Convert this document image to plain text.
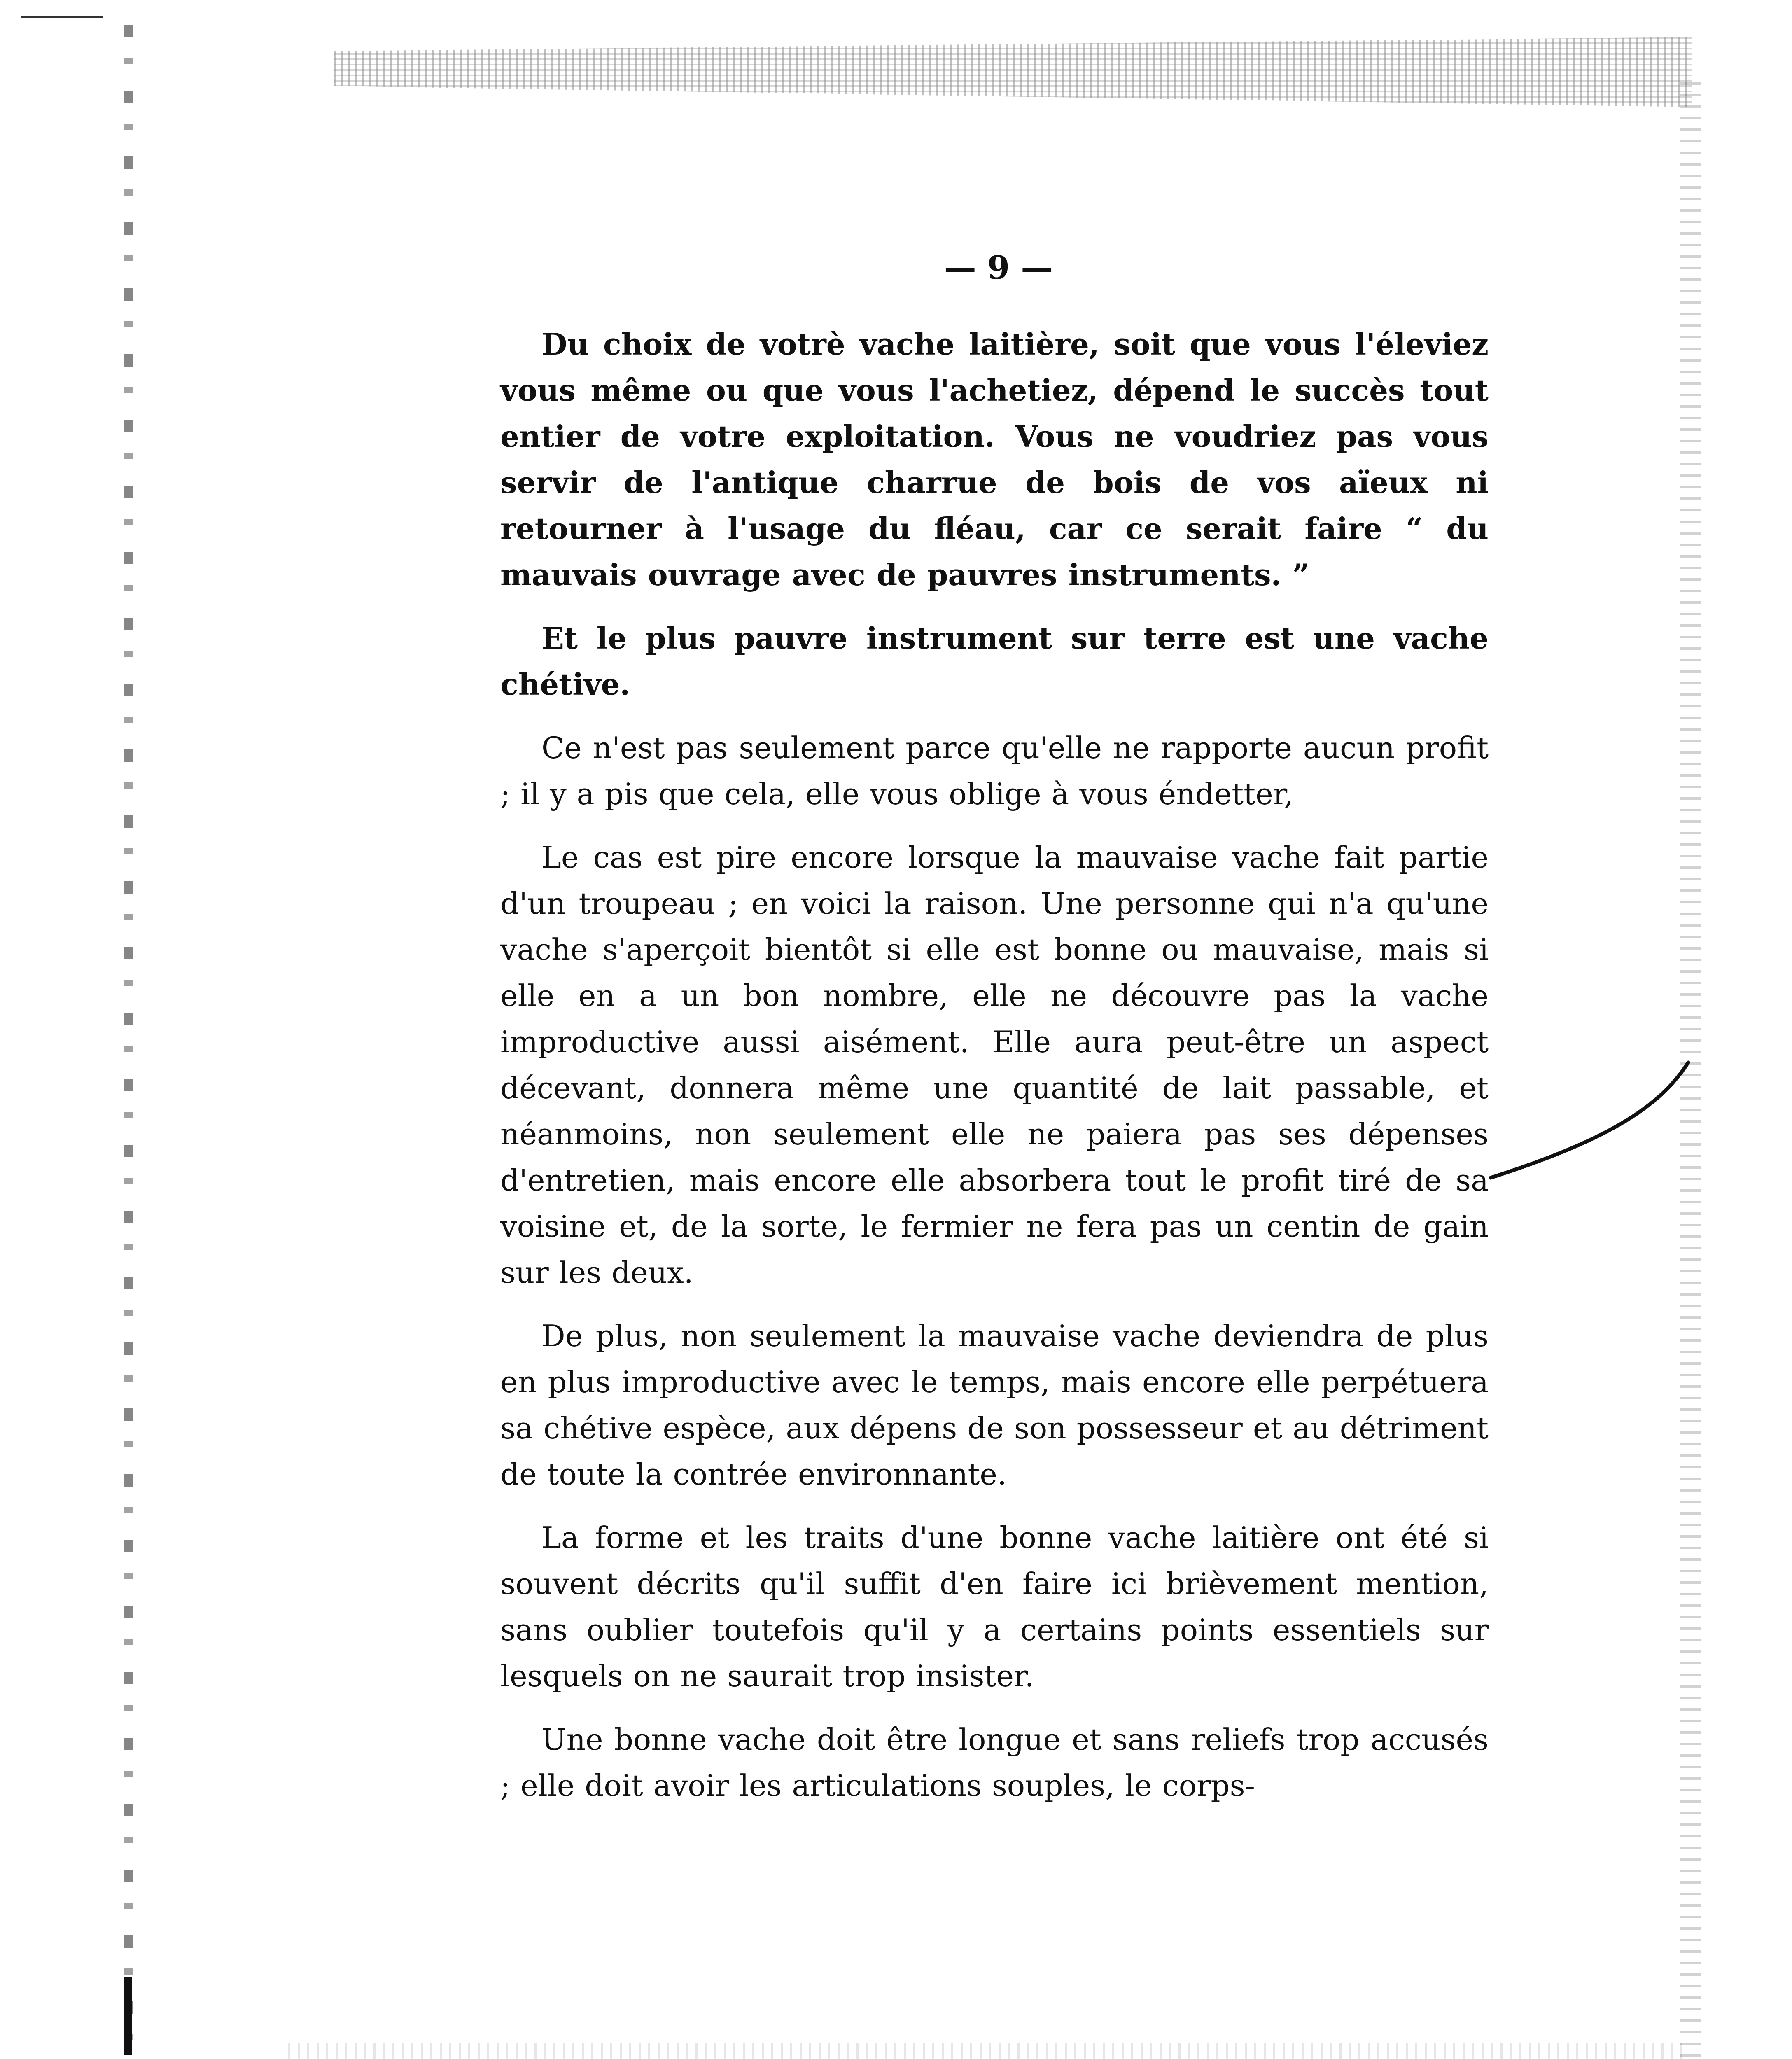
— 9 —

Du choix de votrè vache laitière, soit que vous l'éleviez vous même ou que vous l'achetiez, dépend le succès tout entier de votre exploitation. Vous ne voudriez pas vous servir de l'antique charrue de bois de vos aïeux ni retourner à l'usage du fléau, car ce serait faire “ du mauvais ouvrage avec de pauvres instruments. ”

Et le plus pauvre instrument sur terre est une vache chétive.

Ce n'est pas seulement parce qu'elle ne rapporte aucun profit ; il y a pis que cela, elle vous oblige à vous éndetter,

Le cas est pire encore lorsque la mauvaise vache fait partie d'un troupeau ; en voici la raison. Une personne qui n'a qu'une vache s'aperçoit bientôt si elle est bonne ou mauvaise, mais si elle en a un bon nombre, elle ne découvre pas la vache improductive aussi aisément. Elle aura peut-être un aspect décevant, donnera même une quantité de lait passable, et néanmoins, non seulement elle ne paiera pas ses dépenses d'entretien, mais encore elle absorbera tout le profit tiré de sa voisine et, de la sorte, le fermier ne fera pas un centin de gain sur les deux.

De plus, non seulement la mauvaise vache deviendra de plus en plus improductive avec le temps, mais encore elle perpétuera sa chétive espèce, aux dépens de son possesseur et au détriment de toute la contrée environnante.

La forme et les traits d'une bonne vache laitière ont été si souvent décrits qu'il suffit d'en faire ici brièvement mention, sans oublier toutefois qu'il y a certains points essentiels sur lesquels on ne saurait trop insister.

Une bonne vache doit être longue et sans reliefs trop accusés ; elle doit avoir les articulations souples, le corps-
